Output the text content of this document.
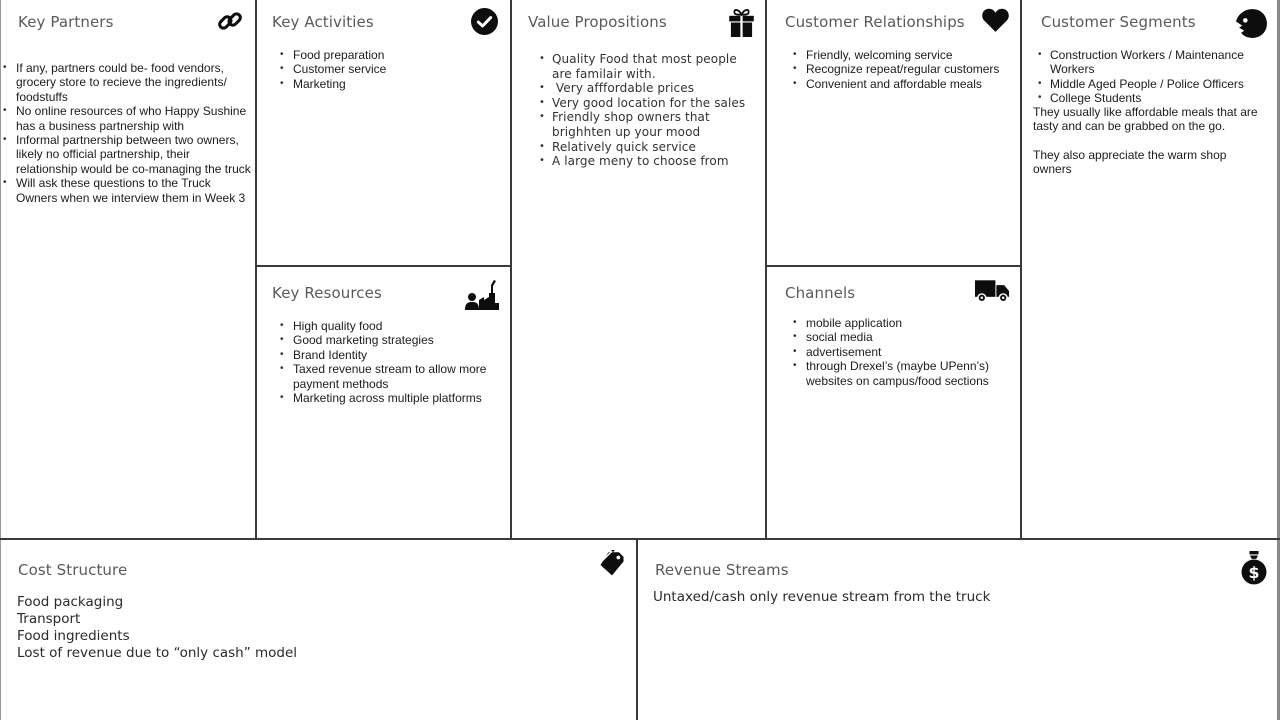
Key Partners
• If any, partners could be- food vendors, grocery store to recieve the ingredients/ foodstuffs
• No online resources of who Happy Sushine has a business partnership with
• Informal partnership between two owners, likely no official partnership, their relationship would be co-managing the truck
• Will ask these questions to the Truck Owners when we interview them in Week 3
Key Activities
• Food preparation
• Customer service
• Marketing
Key Resources
• High quality food
• Good marketing strategies
• Brand Identity
• Taxed revenue stream to allow more payment methods
• Marketing across multiple platforms
Value Propositions
• Quality Food that most people are familair with.
•  Very afffordable prices
• Very good location for the sales
• Friendly shop owners that brighhten up your mood
• Relatively quick service
• A large meny to choose from
Customer Relationships
• Friendly, welcoming service
• Recognize repeat/regular customers
• Convenient and affordable meals
Channels
• mobile application
• social media
• advertisement
• through Drexel’s (maybe UPenn’s) websites on campus/food sections
Customer Segments
• Construction Workers / Maintenance Workers
• Middle Aged People / Police Officers
• College Students

They usually like affordable meals that are tasty and can be grabbed on the go.

They also appreciate the warm shop owners

Cost Structure
Food packaging
Transport
Food ingredients
Lost of revenue due to “only cash” model
Revenue Streams	$
Untaxed/cash only revenue stream from the truck
